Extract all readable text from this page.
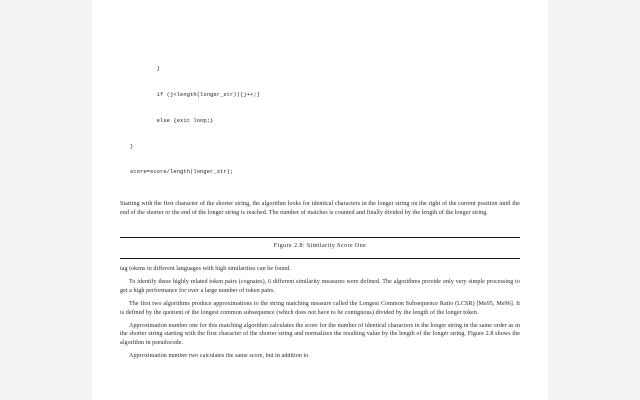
}

if (j<length(longer_str)){j++;}

else {exit loop;}

}

score=score/length(longer_str);

Starting with the first character of the shorter string, the algorithm looks for identical characters in the longer string on the right of the current position until the end of the shorter or the end of the longer string is reached. The number of matches is counted and finally divided by the length of the longer string.

Figure 2.8: Similarity Score One

tag tokens in different languages with high similarities can be found.

To identify these highly related token pairs (cognates), 6 different similarity measures were defined. The algorithms provide only very simple processing to get a high performance for over a large number of token pairs.

The first two algorithms produce approximations to the string matching measure called the Longest Common Subsequence Ratio (LCSR) [Me95, Me96]. It is defined by the quotient of the longest common subsequence (which does not have to be contiguous) divided by the length of the longer token.

Approximation number one for this matching algorithm calculates the score for the number of identical characters in the longer string in the same order as in the shorter string starting with the first character of the shorter string and normalizes the resulting value by the length of the longer string. Figure 2.8 shows the algorithm in pseudocode.

Approximation number two calculates the same score, but in addition to
